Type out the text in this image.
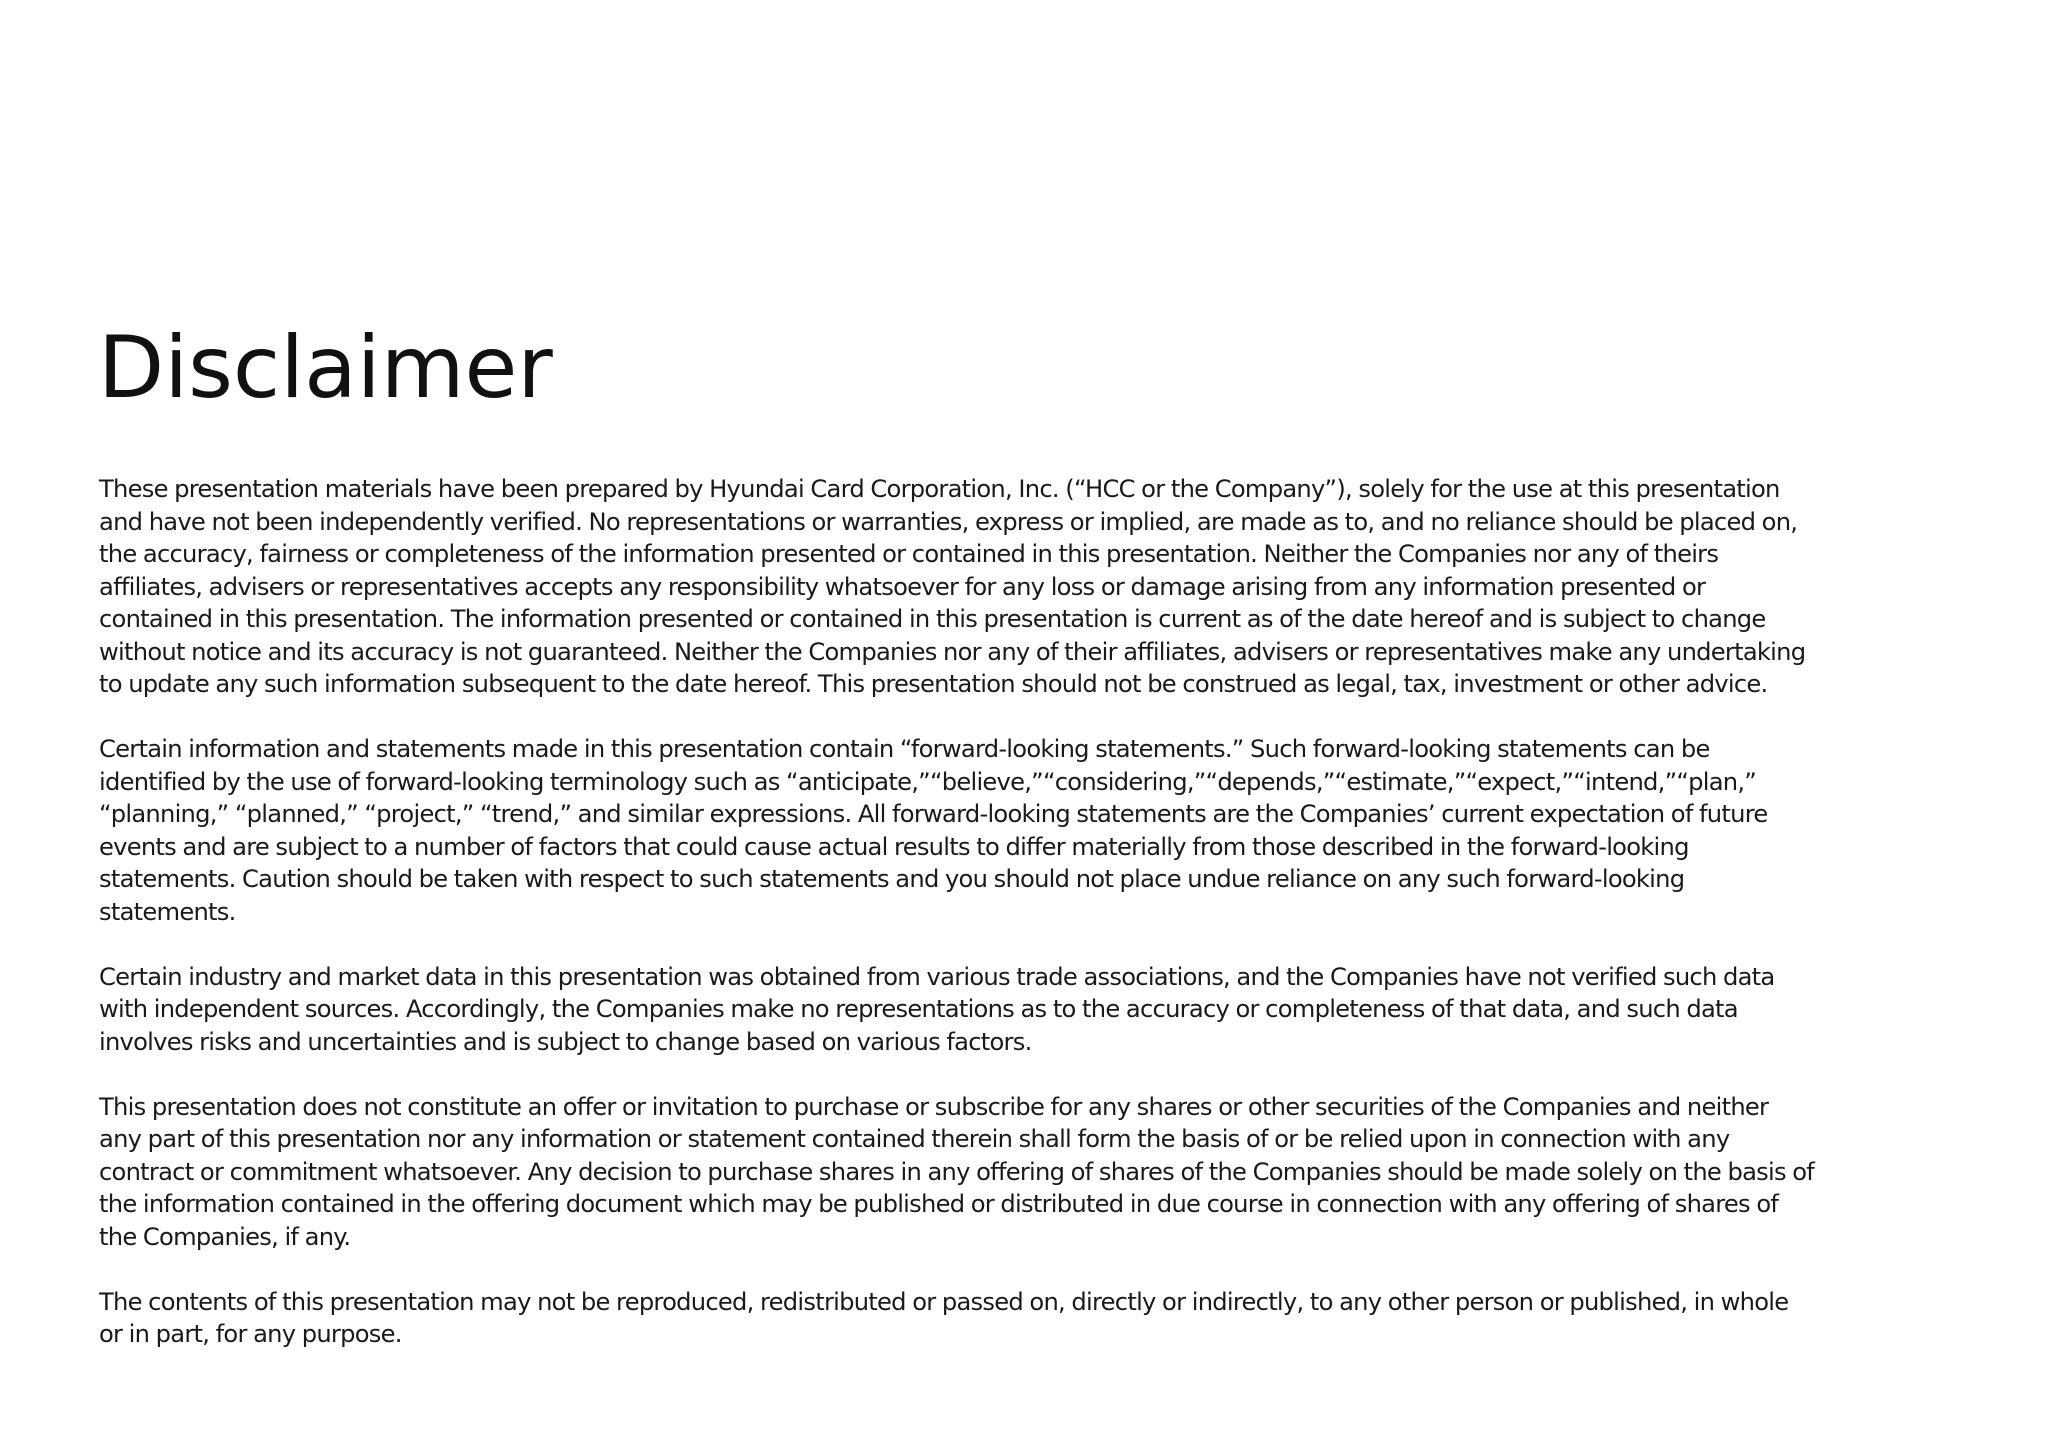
Disclaimer

These presentation materials have been prepared by Hyundai Card Corporation, Inc. (“HCC or the Company”), solely for the use at this presentation
and have not been independently verified. No representations or warranties, express or implied, are made as to, and no reliance should be placed on,
the accuracy, fairness or completeness of the information presented or contained in this presentation. Neither the Companies nor any of theirs
affiliates, advisers or representatives accepts any responsibility whatsoever for any loss or damage arising from any information presented or
contained in this presentation. The information presented or contained in this presentation is current as of the date hereof and is subject to change
without notice and its accuracy is not guaranteed. Neither the Companies nor any of their affiliates, advisers or representatives make any undertaking
to update any such information subsequent to the date hereof. This presentation should not be construed as legal, tax, investment or other advice.

Certain information and statements made in this presentation contain “forward-looking statements.” Such forward-looking statements can be
identified by the use of forward-looking terminology such as “anticipate,”“believe,”“considering,”“depends,”“estimate,”“expect,”“intend,”“plan,”
“planning,” “planned,” “project,” “trend,” and similar expressions. All forward-looking statements are the Companies’ current expectation of future
events and are subject to a number of factors that could cause actual results to differ materially from those described in the forward-looking
statements. Caution should be taken with respect to such statements and you should not place undue reliance on any such forward-looking
statements.

Certain industry and market data in this presentation was obtained from various trade associations, and the Companies have not verified such data
with independent sources. Accordingly, the Companies make no representations as to the accuracy or completeness of that data, and such data
involves risks and uncertainties and is subject to change based on various factors.

This presentation does not constitute an offer or invitation to purchase or subscribe for any shares or other securities of the Companies and neither
any part of this presentation nor any information or statement contained therein shall form the basis of or be relied upon in connection with any
contract or commitment whatsoever. Any decision to purchase shares in any offering of shares of the Companies should be made solely on the basis of
the information contained in the offering document which may be published or distributed in due course in connection with any offering of shares of
the Companies, if any.

The contents of this presentation may not be reproduced, redistributed or passed on, directly or indirectly, to any other person or published, in whole
or in part, for any purpose.
